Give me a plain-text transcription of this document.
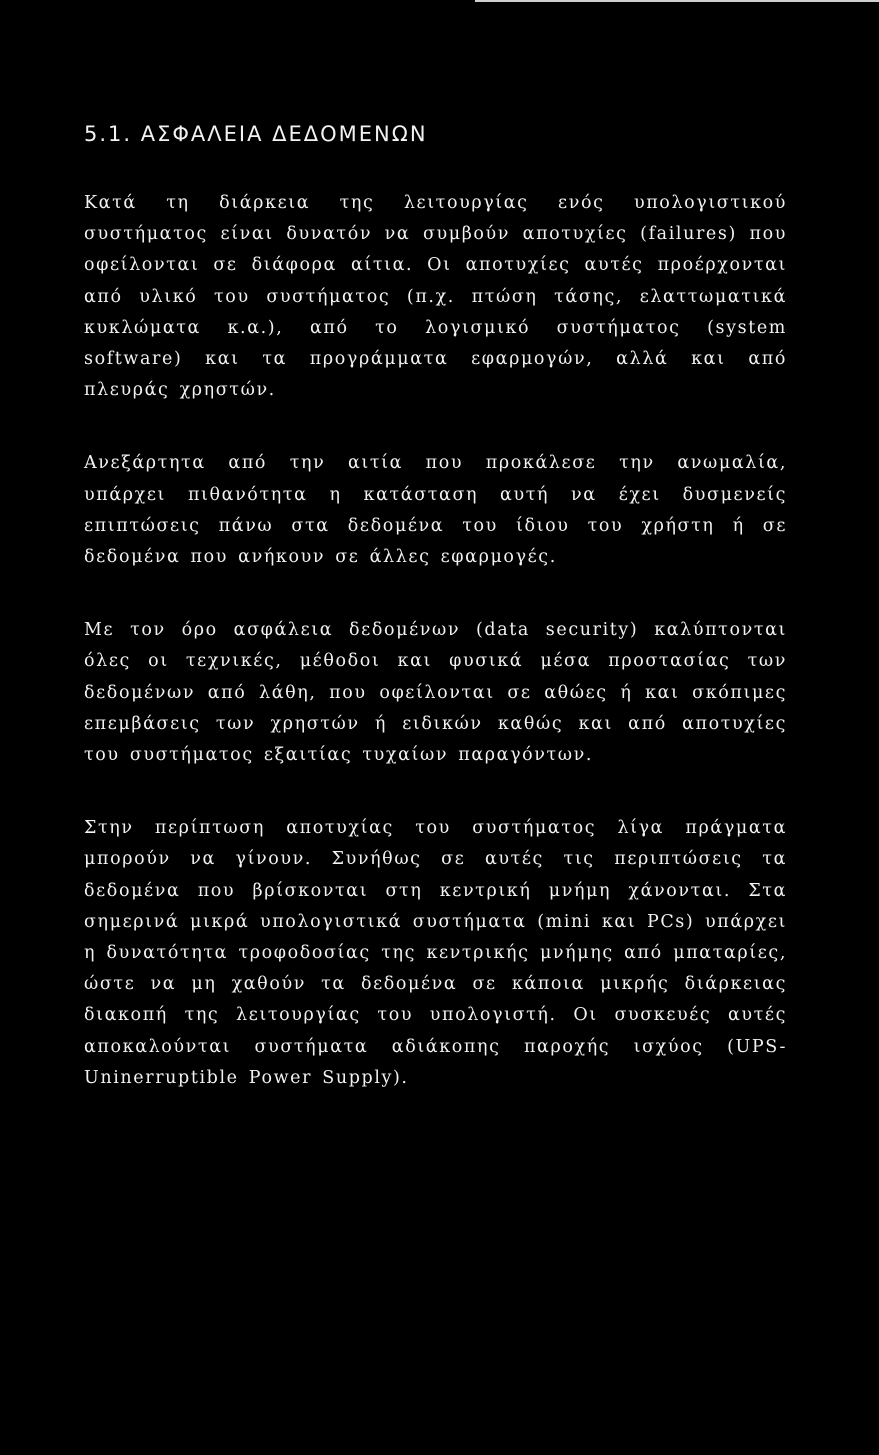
5.1. ΑΣΦΑΛΕΙΑ ΔΕΔΟΜΕΝΩΝ

Κατά τη διάρκεια της λειτουργίας ενός υπολογιστικού συστήματος είναι δυνατόν να συμβούν αποτυχίες (failures) που οφείλονται σε διάφορα αίτια. Οι αποτυχίες αυτές προέρχονται από υλικό του συστήματος (π.χ. πτώση τάσης, ελαττωματικά κυκλώματα κ.α.), από το λογισμικό συστήματος (system software) και τα προγράμματα εφαρμογών, αλλά και από πλευράς χρηστών.

Ανεξάρτητα από την αιτία που προκάλεσε την ανωμαλία, υπάρχει πιθανότητα η κατάσταση αυτή να έχει δυσμενείς επιπτώσεις πάνω στα δεδομένα του ίδιου του χρήστη ή σε δεδομένα που ανήκουν σε άλλες εφαρμογές.

Με τον όρο ασφάλεια δεδομένων (data security) καλύπτονται όλες οι τεχνικές, μέθοδοι και φυσικά μέσα προστασίας των δεδομένων από λάθη, που οφείλονται σε αθώες ή και σκόπιμες επεμβάσεις των χρηστών ή ειδικών καθώς και από αποτυχίες του συστήματος εξαιτίας τυχαίων παραγόντων.

Στην περίπτωση αποτυχίας του συστήματος λίγα πράγματα μπορούν να γίνουν. Συνήθως σε αυτές τις περιπτώσεις τα δεδομένα που βρίσκονται στη κεντρική μνήμη χάνονται. Στα σημερινά μικρά υπολογιστικά συστήματα (mini και PCs) υπάρχει η δυνατότητα τροφοδοσίας της κεντρικής μνήμης από μπαταρίες, ώστε να μη χαθούν τα δεδομένα σε κάποια μικρής διάρκειας διακοπή της λειτουργίας του υπολογιστή. Οι συσκευές αυτές αποκαλούνται συστήματα αδιάκοπης παροχής ισχύος (UPS-Uninerruptible Power Supply).
